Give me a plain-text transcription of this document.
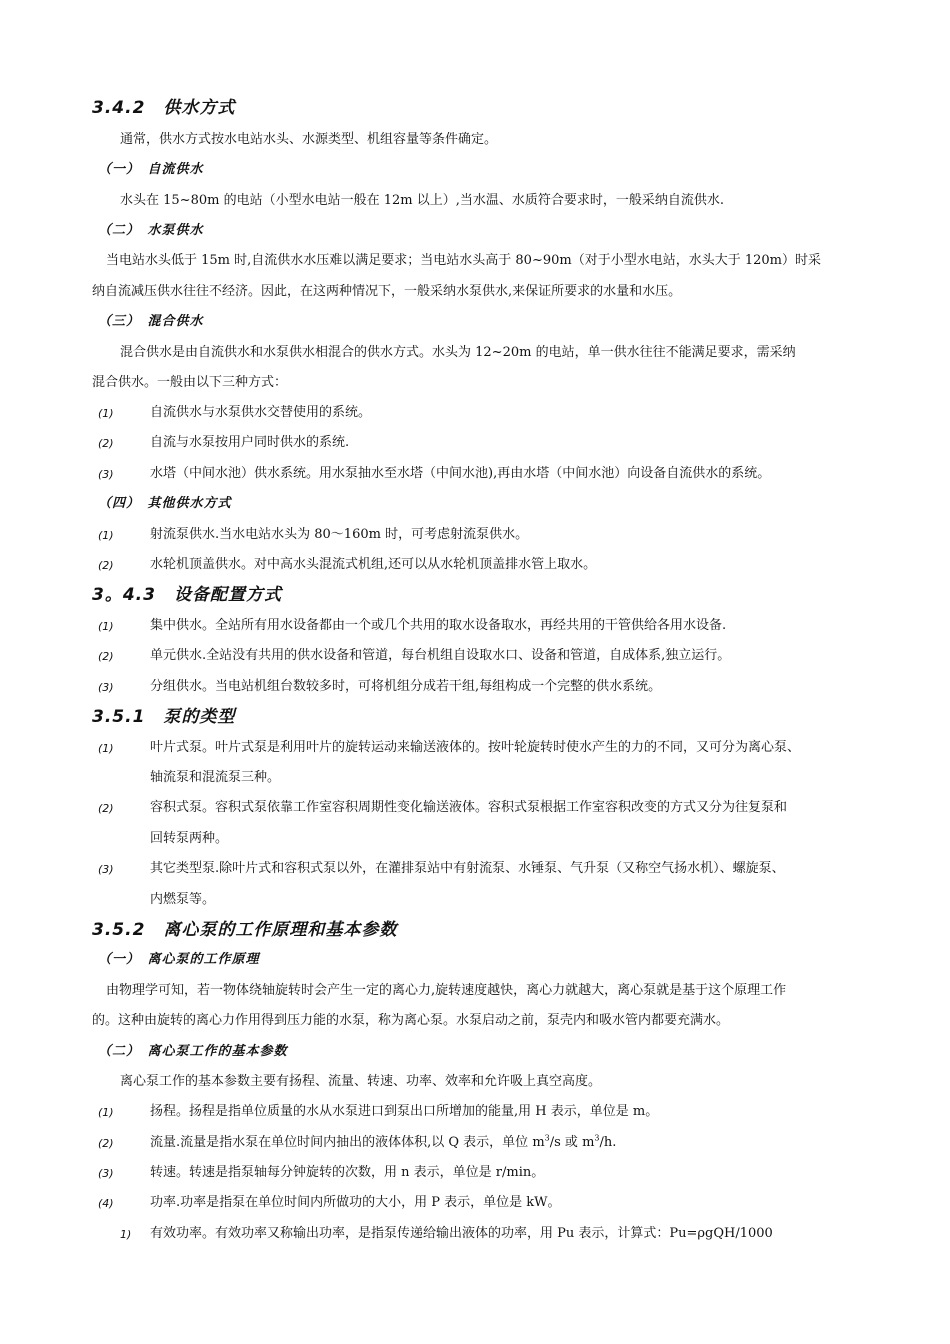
3.4.2　供水方式
通常，供水方式按水电站水头、水源类型、机组容量等条件确定。
（一）　自流供水
水头在 15~80m 的电站（小型水电站一般在 12m 以上）,当水温、水质符合要求时，一般采纳自流供水.
（二）　水泵供水
当电站水头低于 15m 时,自流供水水压难以满足要求；当电站水头高于 80~90m（对于小型水电站，水头大于 120m）时采
纳自流减压供水往往不经济。因此，在这两种情况下，一般采纳水泵供水,来保证所要求的水量和水压。
（三）　混合供水
混合供水是由自流供水和水泵供水相混合的供水方式。水头为 12~20m 的电站，单一供水往往不能满足要求，需采纳
混合供水。一般由以下三种方式：
(1)	自流供水与水泵供水交替使用的系统。
(2)	自流与水泵按用户同时供水的系统.
(3)	水塔（中间水池）供水系统。用水泵抽水至水塔（中间水池),再由水塔（中间水池）向设备自流供水的系统。
（四）　其他供水方式
(1)	射流泵供水.当水电站水头为 80～160m 时，可考虑射流泵供水。
(2)	水轮机顶盖供水。对中高水头混流式机组,还可以从水轮机顶盖排水管上取水。
3。4.3　设备配置方式
(1)	集中供水。全站所有用水设备都由一个或几个共用的取水设备取水，再经共用的干管供给各用水设备.
(2)	单元供水.全站没有共用的供水设备和管道，每台机组自设取水口、设备和管道，自成体系,独立运行。
(3)	分组供水。当电站机组台数较多时，可将机组分成若干组,每组构成一个完整的供水系统。
3.5.1　泵的类型
(1)	叶片式泵。叶片式泵是利用叶片的旋转运动来输送液体的。按叶轮旋转时使水产生的力的不同，又可分为离心泵、
轴流泵和混流泵三种。
(2)	容积式泵。容积式泵依靠工作室容积周期性变化输送液体。容积式泵根据工作室容积改变的方式又分为往复泵和
回转泵两种。
(3)	其它类型泵.除叶片式和容积式泵以外，在灌排泵站中有射流泵、水锤泵、气升泵（又称空气扬水机）、螺旋泵、
内燃泵等。
3.5.2　离心泵的工作原理和基本参数
（一）　离心泵的工作原理
由物理学可知，若一物体绕轴旋转时会产生一定的离心力,旋转速度越快，离心力就越大，离心泵就是基于这个原理工作
的。这种由旋转的离心力作用得到压力能的水泵，称为离心泵。水泵启动之前，泵壳内和吸水管内都要充满水。
（二）　离心泵工作的基本参数
离心泵工作的基本参数主要有扬程、流量、转速、功率、效率和允许吸上真空高度。
(1)	扬程。扬程是指单位质量的水从水泵进口到泵出口所增加的能量,用 H 表示，单位是 m。
(2)	流量.流量是指水泵在单位时间内抽出的液体体积,以 Q 表示，单位 $m^3/s$ 或 $m^3/h$.
(3)	转速。转速是指泵轴每分钟旋转的次数，用 n 表示，单位是 r/min。
(4)	功率.功率是指泵在单位时间内所做功的大小，用 P 表示，单位是 kW。
1) 有效功率。有效功率又称输出功率，是指泵传递给输出液体的功率，用 Pu 表示，计算式：Pu=ρgQH/1000
